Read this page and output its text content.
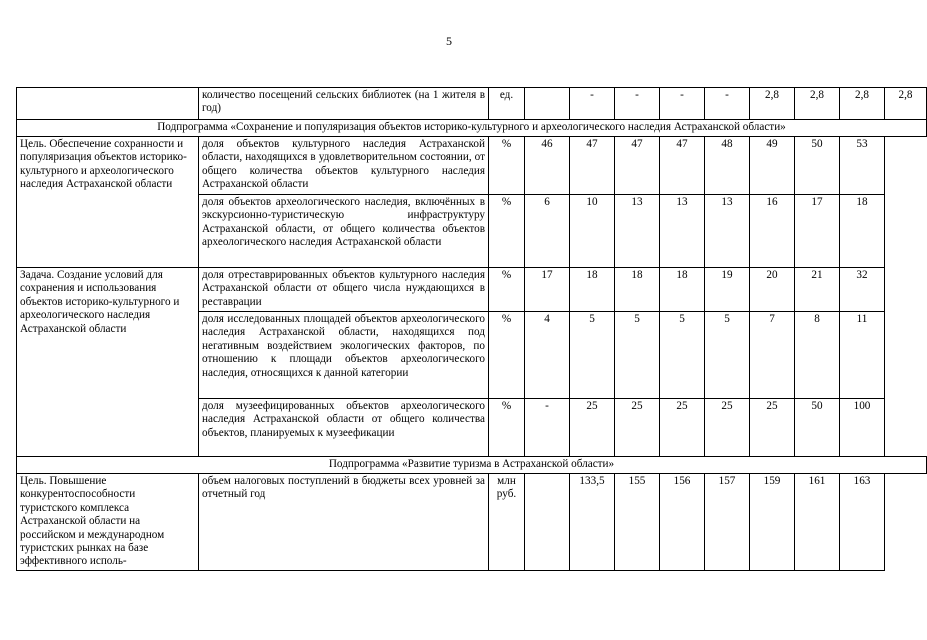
5
	количество посещений сельских библиотек (на 1 жителя в год)	ед.		-	-	-	-	2,8	2,8	2,8	2,8
Подпрограмма «Сохранение и популяризация объектов историко-культурного и археологического наследия Астраханской области»											
Цель. Обеспечение сохранности и популяризация объектов историко-культурного и археологического наследия Астраханской области	доля объектов культурного наследия Астраханской области, находящихся в удовлетворительном состоянии, от общего количества объектов культурного наследия Астраханской области	%	46	47	47	47	48	49	50	53	
	доля объектов археологического наследия, включённых в экскурсионно-туристическую инфраструктуру Астраханской области, от общего количества объектов археологического наследия Астраханской области	%	6	10	13	13	13	16	17	18	
Задача. Создание условий для сохранения и использования объектов историко-культурного и археологического наследия Астраханской области	доля отреставрированных объектов культурного наследия Астраханской области от общего числа нуждающихся в реставрации	%	17	18	18	18	19	20	21	32	
	доля исследованных площадей объектов археологического наследия Астраханской области, находящихся под негативным воздействием экологических факторов, по отношению к площади объектов археологического наследия, относящихся к данной категории	%	4	5	5	5	5	7	8	11	
	доля музеефицированных объектов археологического наследия Астраханской области от общего количества объектов, планируемых к музеефикации	%	-	25	25	25	25	25	50	100	
Подпрограмма «Развитие туризма в Астраханской области»											
Цель. Повышение конкурентоспособности туристского комплекса Астраханской области на российском и международном туристских рынках на базе эффективного исполь-	объем налоговых поступлений в бюджеты всех уровней за отчетный год	млн руб.		133,5	155	156	157	159	161	163	
